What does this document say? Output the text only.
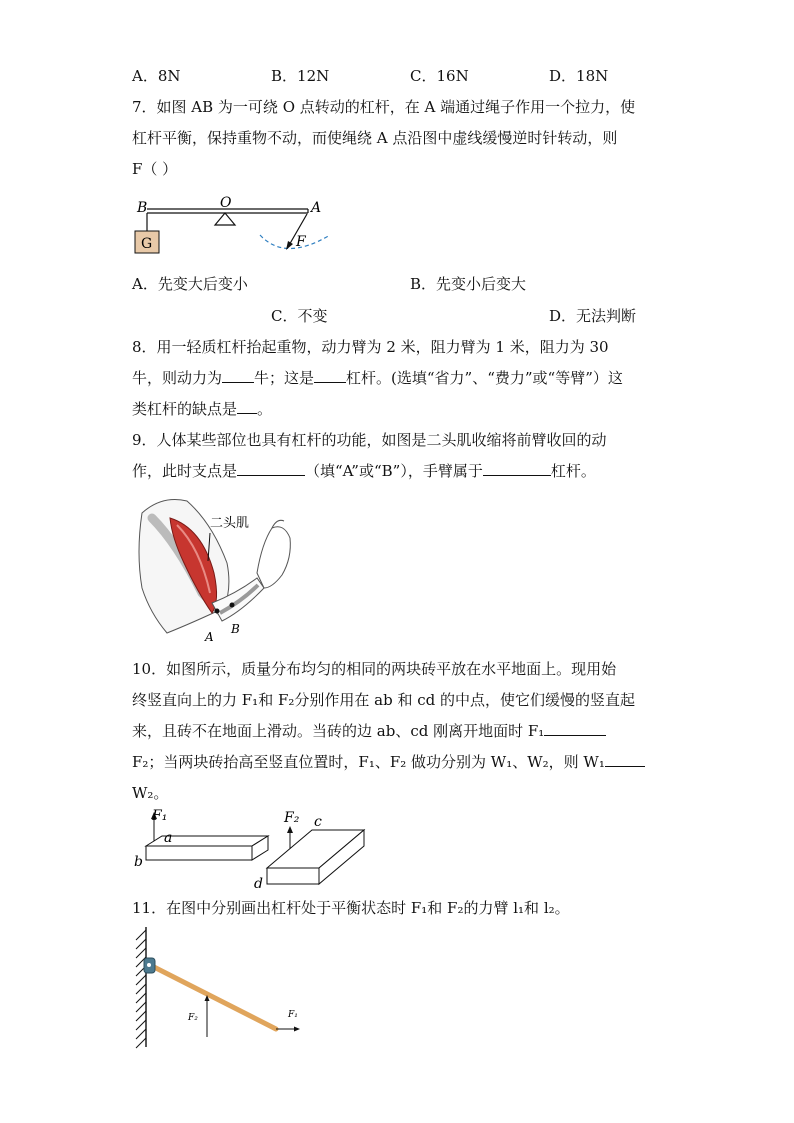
A．8N	B．12N	C．16N	D．18N
7．如图 AB 为一可绕 O 点转动的杠杆，在 A 端通过绳子作用一个拉力，使
杠杆平衡，保持重物不动，而使绳绕 A 点沿图中虚线缓慢逆时针转动，则
F（ ）
B	O	A
G	F
A．先变大后变小	B．先变小后变大
C．不变	D．无法判断
8．用一轻质杠杆抬起重物，动力臂为 2 米，阻力臂为 1 米，阻力为 30
牛，则动力为 牛；这是 杠杆。(选填“省力”、“费力”或“等臂”）这
类杠杆的缺点是 。
9．人体某些部位也具有杠杆的功能，如图是二头肌收缩将前臂收回的动
作，此时支点是	（填“A”或“B”），手臂属于	杠杆。
二头肌
A
B
10．如图所示，质量分布均匀的相同的两块砖平放在水平地面上。现用始
终竖直向上的力 F₁和 F₂分别作用在 ab 和 cd 的中点，使它们缓慢的竖直起
来，且砖不在地面上滑动。当砖的边 ab、cd 刚离开地面时 F₁
F₂；当两块砖抬高至竖直位置时，F₁、F₂ 做功分别为 W₁、W₂，则 W₁
W₂。
F₁
a
b
F₂ c
d
11．在图中分别画出杠杆处于平衡状态时 F₁和 F₂的力臂 l₁和 l₂。
F₂	F₁
